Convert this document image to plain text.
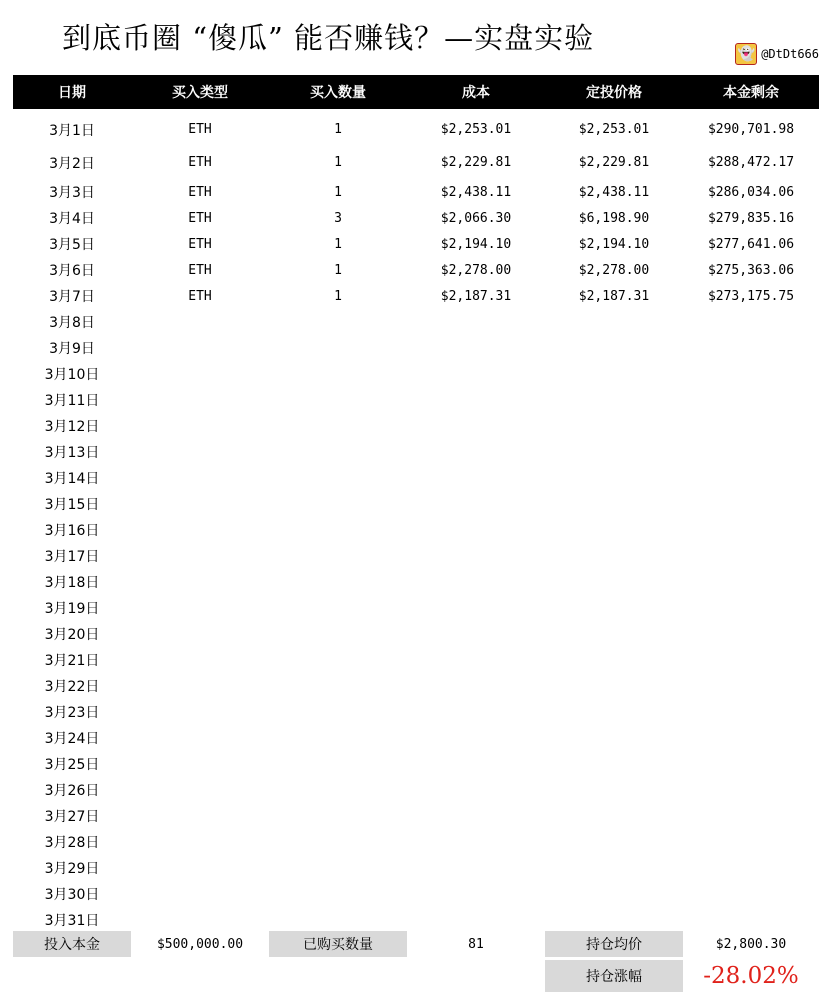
到底币圈 “傻瓜” 能否赚钱？—实盘实验	👻 @DtDt666
日期	买入类型	买入数量	成本	定投价格	本金剩余
3月1日	ETH	1	$2,253.01	$2,253.01	$290,701.98
3月2日	ETH	1	$2,229.81	$2,229.81	$288,472.17
3月3日	ETH	1	$2,438.11	$2,438.11	$286,034.06
3月4日	ETH	3	$2,066.30	$6,198.90	$279,835.16
3月5日	ETH	1	$2,194.10	$2,194.10	$277,641.06
3月6日	ETH	1	$2,278.00	$2,278.00	$275,363.06
3月7日	ETH	1	$2,187.31	$2,187.31	$273,175.75
3月8日
3月9日
3月10日
3月11日
3月12日
3月13日
3月14日
3月15日
3月16日
3月17日
3月18日
3月19日
3月20日
3月21日
3月22日
3月23日
3月24日
3月25日
3月26日
3月27日
3月28日
3月29日
3月30日
3月31日
投入本金	$500,000.00	已购买数量	81	持仓均价	$2,800.30
持仓涨幅	-28.02%
